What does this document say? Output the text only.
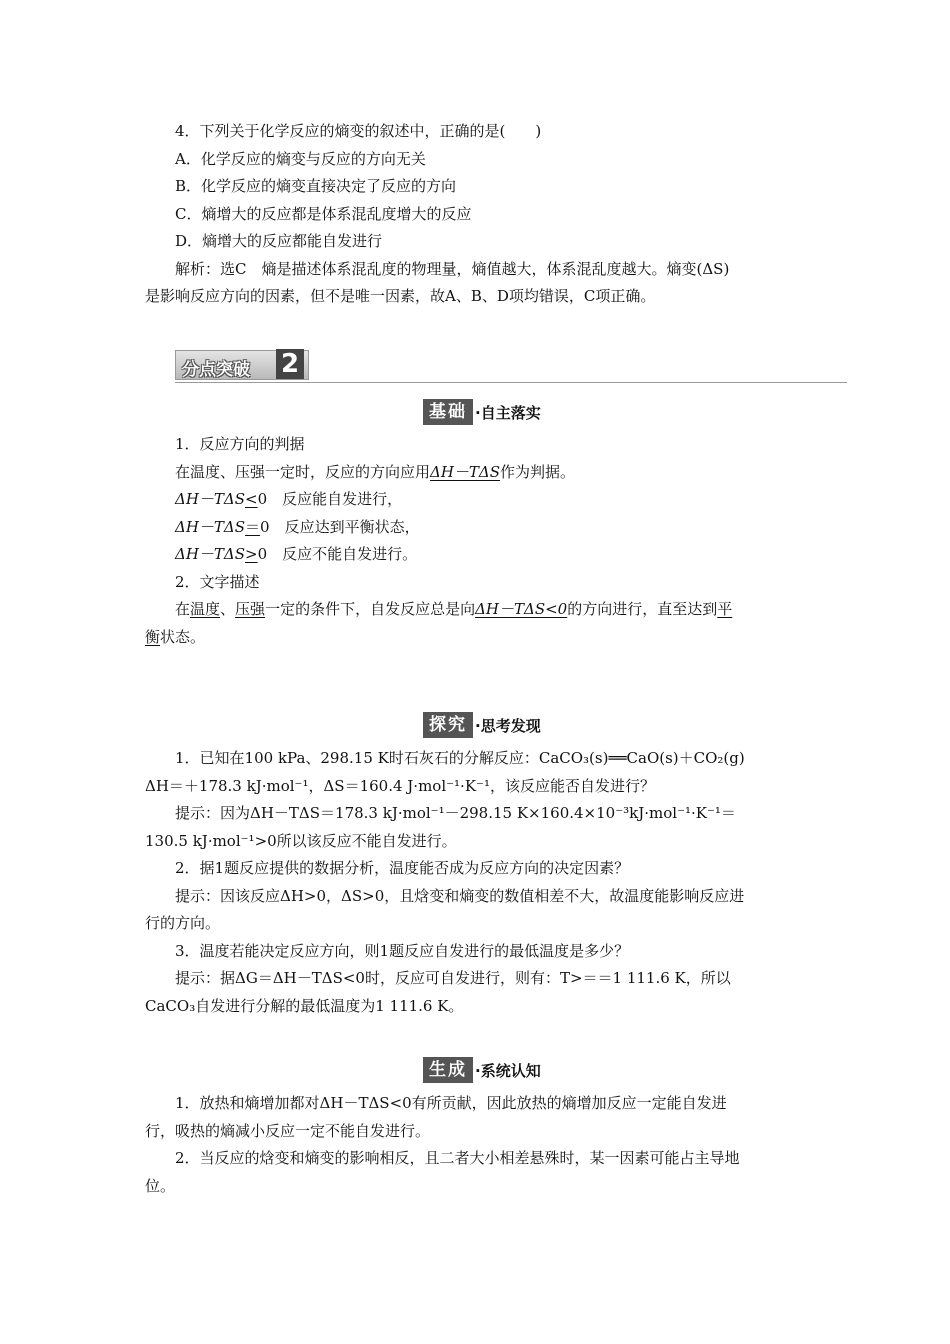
4．下列关于化学反应的熵变的叙述中，正确的是(　　)

A．化学反应的熵变与反应的方向无关

B．化学反应的熵变直接决定了反应的方向

C．熵增大的反应都是体系混乱度增大的反应

D．熵增大的反应都能自发进行

解析：选C　熵是描述体系混乱度的物理量，熵值越大，体系混乱度越大。熵变(ΔS)

是影响反应方向的因素，但不是唯一因素，故A、B、D项均错误，C项正确。

分点突破 2
基础 ·自主落实

1．反应方向的判据

在温度、压强一定时，反应的方向应用ΔH－TΔS作为判据。

ΔH－TΔS<0　反应能自发进行，

ΔH－TΔS＝0　反应达到平衡状态，

ΔH－TΔS>0　反应不能自发进行。

2．文字描述

在温度、压强一定的条件下，自发反应总是向ΔH－TΔS<0的方向进行，直至达到平

衡状态。

探究 ·思考发现

1．已知在100 kPa、298.15 K时石灰石的分解反应：CaCO₃(s)══CaO(s)＋CO₂(g)

ΔH＝＋178.3 kJ·mol⁻¹，ΔS＝160.4 J·mol⁻¹·K⁻¹，该反应能否自发进行？

提示：因为ΔH－TΔS＝178.3 kJ·mol⁻¹－298.15 K×160.4×10⁻³kJ·mol⁻¹·K⁻¹＝

130.5 kJ·mol⁻¹>0所以该反应不能自发进行。

2．据1题反应提供的数据分析，温度能否成为反应方向的决定因素？

提示：因该反应ΔH>0，ΔS>0，且焓变和熵变的数值相差不大，故温度能影响反应进

行的方向。

3．温度若能决定反应方向，则1题反应自发进行的最低温度是多少？

提示：据ΔG＝ΔH－TΔS<0时，反应可自发进行，则有：T>＝＝1 111.6 K，所以

CaCO₃自发进行分解的最低温度为1 111.6 K。

生成 ·系统认知

1．放热和熵增加都对ΔH－TΔS<0有所贡献，因此放热的熵增加反应一定能自发进

行，吸热的熵减小反应一定不能自发进行。

2．当反应的焓变和熵变的影响相反，且二者大小相差悬殊时，某一因素可能占主导地

位。
